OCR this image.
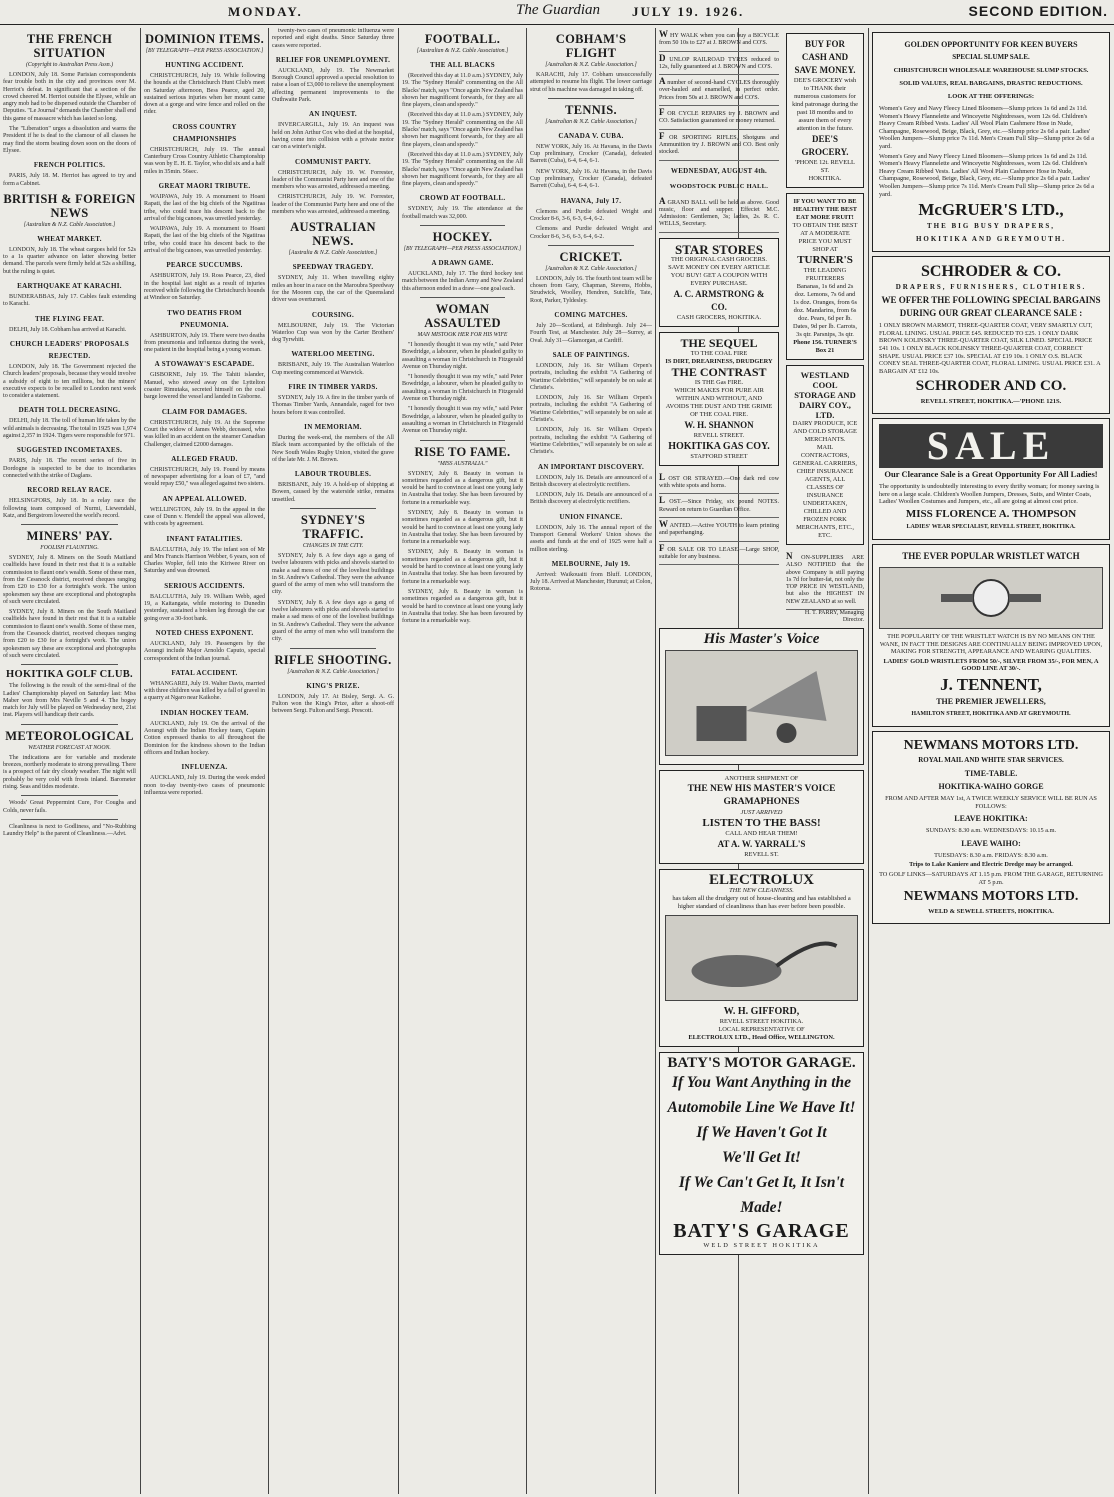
MONDAY.	The Guardian JULY 19. 1926.	SECOND EDITION.
THE FRENCH SITUATION
(Copyright to Australian Press Assn.)

LONDON, July 18. Some Parisian correspondents fear trouble both in the city and provinces over M. Herriot's defeat. In significant that a section of the crowd cheered M. Herriot outside the Elysee, while an angry mob had to be dispersed outside the Chamber of Deputies. "Le Journal" demands the Chamber shall end this game of massacre which has lasted so long.

The "Liberation" urges a dissolution and warns the President if he is deaf to the clamour of all classes he may find the storm beating down soon on the doors of Elysee.

FRENCH POLITICS.

PARIS, July 18. M. Herriot has agreed to try and form a Cabinet.

BRITISH & FOREIGN NEWS
[Australian & N.Z. Cable Association.]
WHEAT MARKET.

LONDON, July 18. The wheat cargoes held for 52s to a 1s quarter advance on latter showing better demand. The parcels were firmly held at 52s a shilling, but the ruling is quiet.

EARTHQUAKE AT KARACHI.

BUNDERABBAS, July 17. Cables fault extending to Karachi.

THE FLYING FEAT.

DELHI, July 18. Cobham has arrived at Karachi.

CHURCH LEADERS' PROPOSALS REJECTED.

LONDON, July 18. The Government rejected the Church leaders' proposals, because they would involve a subsidy of eight to ten millions, but the miners' executive expects to be recalled to London next week to consider a statement.

DEATH TOLL DECREASING.

DELHI, July 18. The toll of human life taken by the wild animals is decreasing. The total in 1925 was 1,974 against 2,357 in 1924. Tigers were responsible for 971.

SUGGESTED INCOMETAXES.

PARIS, July 18. The recent series of five in Dordogne is suspected to be due to incendiaries connected with the strike of Daglans.

RECORD RELAY RACE.

HELSINGFORS, July 18. In a relay race the following team composed of Nurmi, Liewendahl, Katz, and Bergstrom lowered the world's record.

MINERS' PAY.
FOOLISH FLAUNTING.

SYDNEY, July 8. Miners on the South Maitland coalfields have found in their rest that it is a suitable commission to flaunt one's wealth. Some of these men, from the Cessnock district, received cheques ranging from £20 to £30 for a fortnight's work. The union spokesmen say these are exceptional and photographs of such were circulated.

SYDNEY, July 8. Miners on the South Maitland coalfields have found in their rest that it is a suitable commission to flaunt one's wealth. Some of these men, from the Cessnock district, received cheques ranging from £20 to £30 for a fortnight's work. The union spokesmen say these are exceptional and photographs of such were circulated.

HOKITIKA GOLF CLUB.

The following is the result of the semi-final of the Ladies' Championship played on Saturday last: Miss Maber won from Mrs Neville 5 and 4. The bogey match for July will be played on Wednesday next, 21st inst. Players will handicap their cards.

METEOROLOGICAL
WEATHER FORECAST AT NOON.

The indications are for variable and moderate breezes, northerly moderate to strong prevailing. There is a prospect of fair dry cloudy weather. The night will probably be very cold with frosts inland. Barometer rising. Seas and tides moderate.

Woods' Great Peppermint Cure, For Coughs and Colds, never fails.

Cleanliness is next to Godliness, and "No-Rubbing Laundry Help" is the parent of Cleanliness.—Advt.

DOMINION ITEMS.
[BY TELEGRAPH—PER PRESS ASSOCIATION.]
HUNTING ACCIDENT.

CHRISTCHURCH, July 19. While following the hounds at the Christchurch Hunt Club's meet on Saturday afternoon, Bess Pearce, aged 20, sustained serious injuries when her mount came down at a gorge and wire fence and rolled on the rider.

CROSS COUNTRY CHAMPIONSHIPS

CHRISTCHURCH, July 19. The annual Canterbury Cross Country Athletic Championship was won by E. H. E. Taylor, who did six and a half miles in 35min. 56sec.

GREAT MAORI TRIBUTE.

WAIPAWA, July 19. A monument to Hoani Rapati, the last of the big chiefs of the Ngatiiraa tribe, who could trace his descent back to the arrival of the big canoes, was unveiled yesterday.

WAIPAWA, July 19. A monument to Hoani Rapati, the last of the big chiefs of the Ngatiiraa tribe, who could trace his descent back to the arrival of the big canoes, was unveiled yesterday.

PEARCE SUCCUMBS.

ASHBURTON, July 19. Ross Pearce, 23, died in the hospital last night as a result of injuries received while following the Christchurch hounds at Windsor on Saturday.

TWO DEATHS FROM PNEUMONIA.

ASHBURTON, July 19. There were two deaths from pneumonia and influenza during the week, one patient in the hospital being a young woman.

A STOWAWAY'S ESCAPADE.

GISBORNE, July 19. The Tahiti islander, Manuel, who stowed away on the Lyttelton coaster Rimutaka, secreted himself on the coal barge lowered the vessel and landed in Gisborne.

CLAIM FOR DAMAGES.

CHRISTCHURCH, July 19. At the Supreme Court the widow of James Webb, deceased, who was killed in an accident on the steamer Canadian Challenger, claimed £2000 damages.

ALLEGED FRAUD.

CHRISTCHURCH, July 19. Found by means of newspaper advertising for a loan of £7, "and would repay £50," was alleged against two sisters.

AN APPEAL ALLOWED.

WELLINGTON, July 19. In the appeal in the case of Dunn v. Hendell the appeal was allowed, with costs by agreement.

INFANT FATALITIES.

BALCLUTHA, July 19. The infant son of Mr and Mrs Francis Harrison Webber, 6 years, son of Charles Wopler, fell into the Kiriwee River on Saturday and was drowned.

SERIOUS ACCIDENTS.

BALCLUTHA, July 19. William Webb, aged 19, a Kaitangata, while motoring to Dunedin yesterday, sustained a broken leg through the car going over a 30-foot bank.

NOTED CHESS EXPONENT.

AUCKLAND, July 19. Passengers by the Aorangi include Major Arnoldo Caputo, special correspondent of the Indian journal.

FATAL ACCIDENT.

WHANGAREI, July 19. Walter Davis, married with three children was killed by a fall of gravel in a quarry at Ngaro near Kaikohe.

INDIAN HOCKEY TEAM.

AUCKLAND, July 19. On the arrival of the Aorangi with the Indian Hockey team, Captain Cotton expressed thanks to all throughout the Dominion for the kindness shown to the Indian officers and Indian hockey.

INFLUENZA.

AUCKLAND, July 19. During the week ended noon to-day twenty-two cases of pneumonic influenza were reported.

twenty-two cases of pneumonic influenza were reported and eight deaths. Since Saturday three cases were reported.

RELIEF FOR UNEMPLOYMENT.

AUCKLAND, July 19. The Newmarket Borough Council approved a special resolution to raise a loan of £3,000 to relieve the unemployment affecting permanent improvements to the Outhwaite Park.

AN INQUEST.

INVERCARGILL, July 19. An inquest was held on John Arthur Cox who died at the hospital, having come into collision with a private motor car on a winter's night.

COMMUNIST PARTY.

CHRISTCHURCH, July 19. W. Forrester, leader of the Communist Party here and one of the members who was arrested, addressed a meeting.

CHRISTCHURCH, July 19. W. Forrester, leader of the Communist Party here and one of the members who was arrested, addressed a meeting.

AUSTRALIAN NEWS.
[Australia & N.Z. Cable Association.]
SPEEDWAY TRAGEDY.

SYDNEY, July 11. When travelling eighty miles an hour in a race on the Maroubra Speedway for the Mooren cup, the car of the Queensland driver was overturned.

COURSING.

MELBOURNE, July 19. The Victorian Waterloo Cup was won by the Carter Brothers' dog Tyrwhitt.

WATERLOO MEETING.

BRISBANE, July 19. The Australian Waterloo Cup meeting commenced at Warwick.

FIRE IN TIMBER YARDS.

SYDNEY, July 19. A fire in the timber yards of Thomas Timber Yards, Annandale, raged for two hours before it was controlled.

IN MEMORIAM.

During the week-end, the members of the All Black team accompanied by the officials of the New South Wales Rugby Union, visited the grave of the late Mr. J. M. Brown.

LABOUR TROUBLES.

BRISBANE, July 19. A hold-up of shipping at Bowen, caused by the waterside strike, remains unsettled.

SYDNEY'S TRAFFIC.
CHANGES IN THE CITY.

SYDNEY, July 8. A few days ago a gang of twelve labourers with picks and shovels started to make a sad mess of one of the loveliest buildings in St. Andrew's Cathedral. They were the advance guard of the army of men who will transform the city.

SYDNEY, July 8. A few days ago a gang of twelve labourers with picks and shovels started to make a sad mess of one of the loveliest buildings in St. Andrew's Cathedral. They were the advance guard of the army of men who will transform the city.

RIFLE SHOOTING.
[Australian & N.Z. Cable Association.]
KING'S PRIZE.

LONDON, July 17. At Bisley, Sergt. A. G. Fulton won the King's Prize, after a shoot-off between Sergt. Fulton and Sergt. Prescott.

FOOTBALL.
[Australian & N.Z. Cable Association.]
THE ALL BLACKS

(Received this day at 11.0 a.m.) SYDNEY, July 19. The "Sydney Herald" commenting on the All Blacks' match, says "Once again New Zealand has shown her magnificent forwards, for they are all fine players, clean and speedy."

(Received this day at 11.0 a.m.) SYDNEY, July 19. The "Sydney Herald" commenting on the All Blacks' match, says "Once again New Zealand has shown her magnificent forwards, for they are all fine players, clean and speedy."

(Received this day at 11.0 a.m.) SYDNEY, July 19. The "Sydney Herald" commenting on the All Blacks' match, says "Once again New Zealand has shown her magnificent forwards, for they are all fine players, clean and speedy."

CROWD AT FOOTBALL.

SYDNEY, July 19. The attendance at the football match was 32,000.

HOCKEY.
[BY TELEGRAPH—PER PRESS ASSOCIATION.]
A DRAWN GAME.

AUCKLAND, July 17. The third hockey test match between the Indian Army and New Zealand this afternoon ended in a draw—one goal each.

WOMAN ASSAULTED
MAN MISTOOK HER FOR HIS WIFE

"I honestly thought it was my wife," said Peter Bowdridge, a labourer, when he pleaded guilty to assaulting a woman in Christchurch in Fitzgerald Avenue on Thursday night.

"I honestly thought it was my wife," said Peter Bowdridge, a labourer, when he pleaded guilty to assaulting a woman in Christchurch in Fitzgerald Avenue on Thursday night.

"I honestly thought it was my wife," said Peter Bowdridge, a labourer, when he pleaded guilty to assaulting a woman in Christchurch in Fitzgerald Avenue on Thursday night.

RISE TO FAME.
"MISS AUSTRALIA."

SYDNEY, July 8. Beauty in woman is sometimes regarded as a dangerous gift, but it would be hard to convince at least one young lady in Australia that today. She has been favoured by fortune in a remarkable way.

SYDNEY, July 8. Beauty in woman is sometimes regarded as a dangerous gift, but it would be hard to convince at least one young lady in Australia that today. She has been favoured by fortune in a remarkable way.

SYDNEY, July 8. Beauty in woman is sometimes regarded as a dangerous gift, but it would be hard to convince at least one young lady in Australia that today. She has been favoured by fortune in a remarkable way.

SYDNEY, July 8. Beauty in woman is sometimes regarded as a dangerous gift, but it would be hard to convince at least one young lady in Australia that today. She has been favoured by fortune in a remarkable way.

COBHAM'S FLIGHT
[Australian & N.Z. Cable Association.]

KARACHI, July 17. Cobham unsuccessfully attempted to resume his flight. The lower carriage strut of his machine was damaged in taking off.

TENNIS.
[Australian & N.Z. Cable Association.]
CANADA V. CUBA.

NEW YORK, July 16. At Havana, in the Davis Cup preliminary, Crocker (Canada), defeated Barrett (Cuba), 6-4, 6-4, 6-1.

NEW YORK, July 16. At Havana, in the Davis Cup preliminary, Crocker (Canada), defeated Barrett (Cuba), 6-4, 6-4, 6-1.

HAVANA, July 17.

Clemons and Purdie defeated Wright and Crocker 8-6, 3-6, 6-3, 6-4, 6-2.

Clemons and Purdie defeated Wright and Crocker 8-6, 3-6, 6-3, 6-4, 6-2.

CRICKET.
[Australian & N.Z. Cable Association.]

LONDON, July 16. The fourth test team will be chosen from Gary, Chapman, Stevens, Hobbs, Strudwick, Woolley, Hendren, Sutcliffe, Tate, Root, Parker, Tyldesley.

COMING MATCHES.

July 20—Scotland, at Edinburgh. July 24—Fourth Test, at Manchester. July 28—Surrey, at Oval. July 31—Glamorgan, at Cardiff.

SALE OF PAINTINGS.

LONDON, July 16. Sir William Orpen's portraits, including the exhibit "A Gathering of Wartime Celebrities," will separately be on sale at Christie's.

LONDON, July 16. Sir William Orpen's portraits, including the exhibit "A Gathering of Wartime Celebrities," will separately be on sale at Christie's.

LONDON, July 16. Sir William Orpen's portraits, including the exhibit "A Gathering of Wartime Celebrities," will separately be on sale at Christie's.

AN IMPORTANT DISCOVERY.

LONDON, July 16. Details are announced of a British discovery at electrolytic rectifiers.

LONDON, July 16. Details are announced of a British discovery at electrolytic rectifiers.

UNION FINANCE.

LONDON, July 16. The annual report of the Transport General Workers' Union shows the assets and funds at the end of 1925 were half a million sterling.

MELBOURNE, July 19.

Arrived: Waikouaiti from Bluff. LONDON, July 18. Arrived at Manchester, Hurunui; at Colon, Rotorua.

W HY WALK when you can buy a BICYCLE from 50 10s to £27 at J. BROWN and CO'S.
D UNLOP RAILROAD TYRES reduced to 12s, fully guaranteed at J. BROWN and CO'S.
A number of second-hand CYCLES thoroughly over-hauled and enamelled, in perfect order. Prices from 50s at J. BROWN and CO'S.
F OR CYCLE REPAIRS try J. BROWN and CO. Satisfaction guaranteed or money returned.
F OR SPORTING RIFLES, Shotguns and Ammunition try J. BROWN and CO. Best only stocked.
WEDNESDAY, AUGUST 4th.
WOODSTOCK PUBLIC HALL.
A GRAND BALL will be held as above. Good music, floor and supper. Effeciet M.C. Admission: Gentlemen, 3s; ladies, 2s. R. C. WELLS, Secretary.
STAR STORES
THE ORIGINAL CASH GROCERS.
SAVE MONEY ON EVERY ARTICLE YOU BUY! GET A COUPON WITH EVERY PURCHASE.
A. C. ARMSTRONG & CO.
CASH GROCERS, HOKITIKA.
THE SEQUEL
TO THE COAL FIRE
IS DIRT, DREARINESS, DRUDGERY
THE CONTRAST
IS THE Gas FIRE.
WHICH MAKES FOR PURE AIR WITHIN AND WITHOUT, AND AVOIDS THE DUST AND THE GRIME OF THE COAL FIRE.
W. H. SHANNON
REVELL STREET.
HOKITIKA GAS COY.
STAFFORD STREET
L OST OR STRAYED.—One dark red cow with white spots and horns.
L OST.—Since Friday, six pound NOTES. Reward on return to Guardian Office.
W ANTED.—Active YOUTH to learn printing and paperhanging.
F OR SALE OR TO LEASE.—Large SHOP, suitable for any business.
BUY FOR CASH AND SAVE MONEY.
DEE'S GROCERY wish to THANK their numerous customers for kind patronage during the past 18 months and to assure them of every attention in the future.
DEE'S GROCERY.
'PHONE 12t. REVELL ST.
HOKITIKA.
IF YOU WANT TO BE HEALTHY THE BEST EAT MORE FRUIT!
TO OBTAIN THE BEST AT A MODERATE PRICE YOU MUST SHOP AT
TURNER'S
THE LEADING FRUITERERS
Bananas, 1s 6d and 2s doz. Lemons, 7s 6d and 1s doz. Oranges, from 6s doz. Mandarins, from 6s doz. Pears, 6d per lb. Dates, 9d per lb. Carrots, 3s qtr. Parsnips, 3s qtr.
Phone 156. TURNER'S Box 21
WESTLAND COOL STORAGE AND DAIRY COY., LTD.
DAIRY PRODUCE, ICE AND COLD STORAGE MERCHANTS.
MAIL CONTRACTORS, GENERAL CARRIERS, CHIEF INSURANCE AGENTS, ALL CLASSES OF INSURANCE UNDERTAKEN, CHILLED AND FROZEN FORK MERCHANTS, ETC., ETC.
N ON-SUPPLIERS ARE ALSO NOTIFIED that the above Company is still paying 1s 7d for butter-fat, not only the TOP PRICE IN WESTLAND, but also the HIGHEST IN NEW ZEALAND at so well.
H. T. PARRY, Managing Director.
His Master's Voice
ANOTHER SHIPMENT OF
THE NEW HIS MASTER'S VOICE GRAMAPHONES
JUST ARRIVED
LISTEN TO THE BASS!
CALL AND HEAR THEM!
AT A. W. YARRALL'S
REVELL ST.
ELECTROLUX
THE NEW CLEANNESS.
has taken all the drudgery out of house-cleaning and has established a higher standard of cleanliness than has ever before been possible.
W. H. GIFFORD,
REVELL STREET HOKITIKA.
LOCAL REPRESENTATIVE OF
ELECTROLUX LTD., Head Office, WELLINGTON.
BATY'S MOTOR GARAGE.
If You Want Anything in the
Automobile Line We Have It!
If We Haven't Got It
We'll Get It!
If We Can't Get It, It Isn't Made!
BATY'S GARAGE
WELD STREET HOKITIKA
GOLDEN OPPORTUNITY FOR KEEN BUYERS
SPECIAL SLUMP SALE.
CHRISTCHURCH WHOLESALE WAREHOUSE SLUMP STOCKS.
SOLID VALUES, REAL BARGAINS, DRASTIC REDUCTIONS.
LOOK AT THE OFFERINGS:
Women's Grey and Navy Fleecy Lined Bloomers—Slump prices 1s 6d and 2s 11d. Women's Heavy Flannelette and Winceyette Nightdresses, worn 12s 6d. Children's Heavy Cream Ribbed Vests. Ladies' All Wool Plain Cashmere Hose in Nude, Champagne, Rosewood, Beige, Black, Grey, etc.—Slump price 2s 6d a pair. Ladies' Woollen Jumpers—Slump price 7s 11d. Men's Cream Full Slip—Slump price 2s 6d a yard.
Women's Grey and Navy Fleecy Lined Bloomers—Slump prices 1s 6d and 2s 11d. Women's Heavy Flannelette and Winceyette Nightdresses, worn 12s 6d. Children's Heavy Cream Ribbed Vests. Ladies' All Wool Plain Cashmere Hose in Nude, Champagne, Rosewood, Beige, Black, Grey, etc.—Slump price 2s 6d a pair. Ladies' Woollen Jumpers—Slump price 7s 11d. Men's Cream Full Slip—Slump price 2s 6d a yard.
McGRUER'S LTD.,
THE BIG BUSY DRAPERS,
HOKITIKA AND GREYMOUTH.
SCHRODER & CO.
DRAPERS, FURNISHERS, CLOTHIERS.
WE OFFER THE FOLLOWING SPECIAL BARGAINS DURING OUR GREAT CLEARANCE SALE :
1 ONLY BROWN MARMOT, THREE-QUARTER COAT, VERY SMARTLY CUT, FLORAL LINING. USUAL PRICE £45. REDUCED TO £25. 1 ONLY DARK BROWN KOLINSKY THREE-QUARTER COAT, SILK LINED. SPECIAL PRICE £41 10s. 1 ONLY BLACK KOLINSKY THREE-QUARTER COAT, CORRECT SHAPE. USUAL PRICE £37 10s. SPECIAL AT £19 10s. 1 ONLY O.S. BLACK CONEY SEAL THREE-QUARTER COAT, FLORAL LINING. USUAL PRICE £31. A BARGAIN AT £12 10s.
SCHRODER AND CO.
REVELL STREET, HOKITIKA.—'PHONE 121S.
SALE
Our Clearance Sale is a Great Opportunity For All Ladies!
The opportunity is undoubtedly interesting to every thrifty woman; for money saving is here on a large scale. Children's Woollen Jumpers, Dresses, Suits, and Winter Coats, Ladies' Woollen Costumes and Jumpers, etc., all are going at almost cost price.
MISS FLORENCE A. THOMPSON
LADIES' WEAR SPECIALIST, REVELL STREET, HOKITIKA.
THE EVER POPULAR WRISTLET WATCH
THE POPULARITY OF THE WRISTLET WATCH IS BY NO MEANS ON THE WANE, IN FACT THE DESIGNS ARE CONTINUALLY BEING IMPROVED UPON, MAKING FOR STRENGTH, APPEARANCE AND WEARING QUALITIES.
LADIES' GOLD WRISTLETS FROM 50/-, SILVER FROM 35/-, FOR MEN, A GOOD LINE AT 30/-.
J. TENNENT,
THE PREMIER JEWELLERS,
HAMILTON STREET, HOKITIKA AND AT GREYMOUTH.
NEWMANS MOTORS LTD.
ROYAL MAIL AND WHITE STAR SERVICES.
TIME-TABLE.
HOKITIKA-WAIHO GORGE
FROM AND AFTER MAY 1st, A TWICE WEEKLY SERVICE WILL BE RUN AS FOLLOWS:
LEAVE HOKITIKA:
SUNDAYS: 8.30 a.m. WEDNESDAYS: 10.15 a.m.
LEAVE WAIHO:
TUESDAYS: 8.30 a.m. FRIDAYS: 8.30 a.m.
Trips to Lake Kaniere and Electric Dredge may be arranged.
TO GOLF LINKS—SATURDAYS AT 1.15 p.m. FROM THE GARAGE, RETURNING AT 5 p.m.
NEWMANS MOTORS LTD.
WELD & SEWELL STREETS, HOKITIKA.
